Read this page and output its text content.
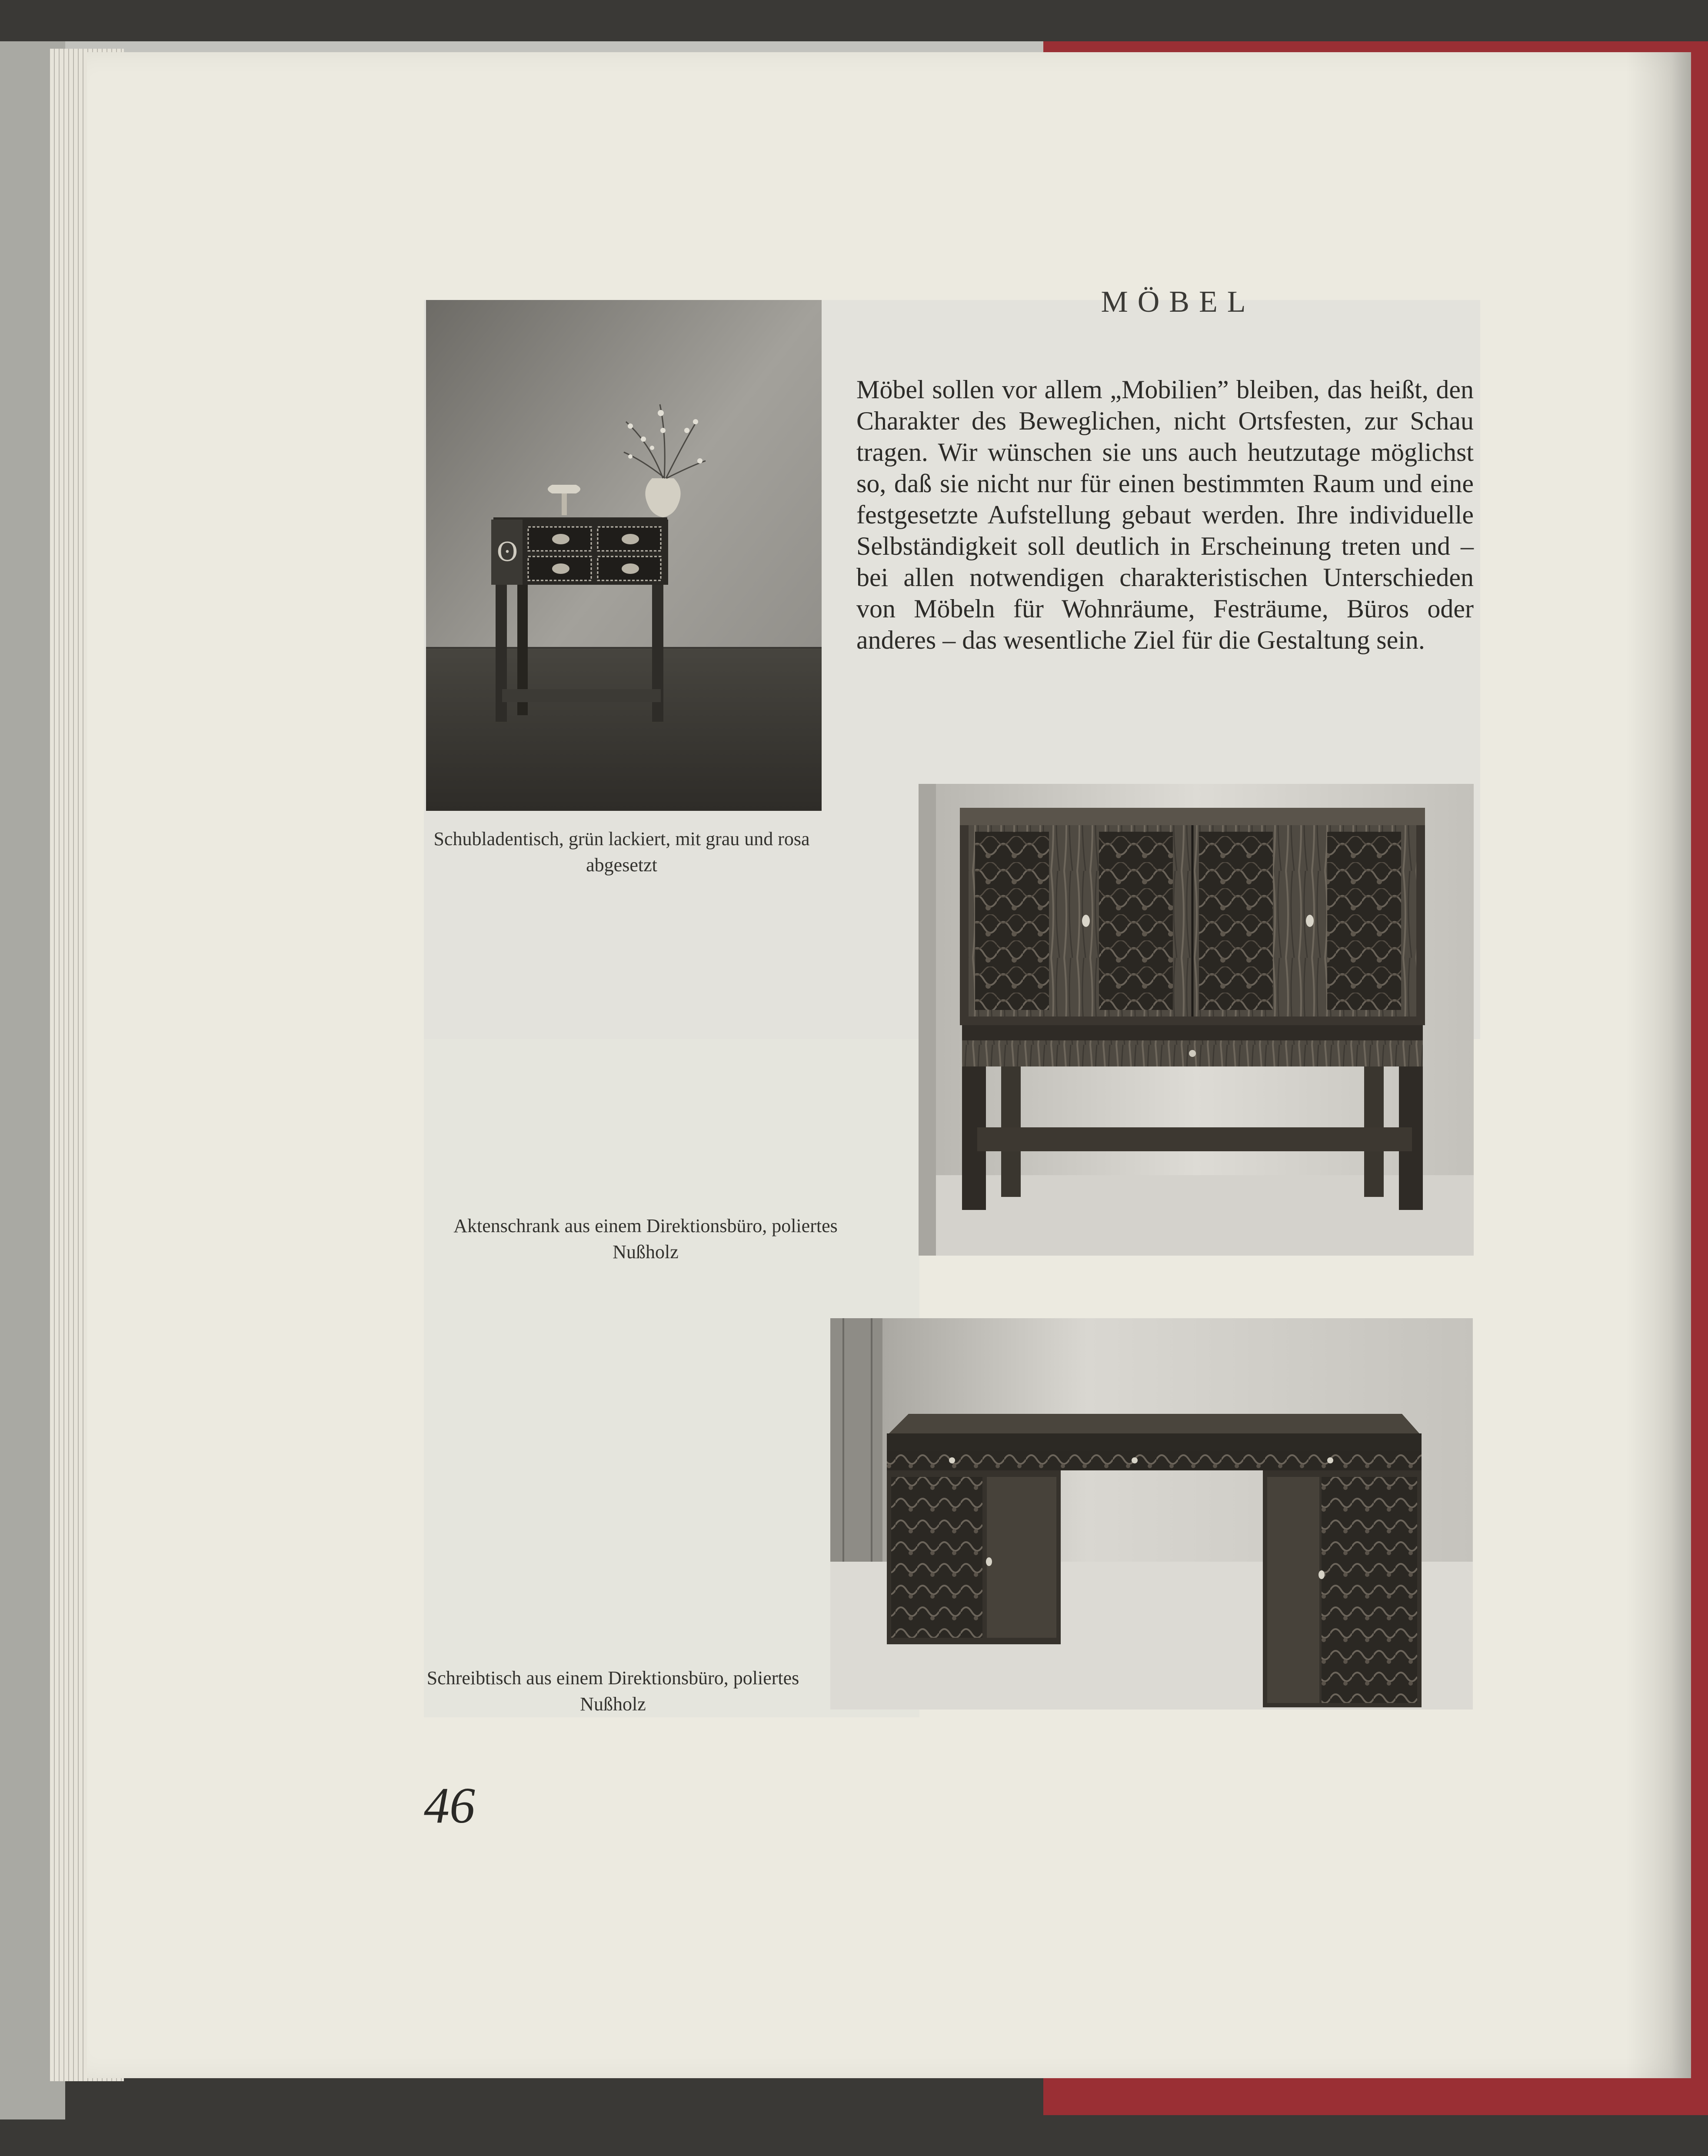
ʘ
MÖBEL
Möbel sollen vor allem „Mobilien” bleiben, das heißt, den Charakter des Beweglichen, nicht Ortsfesten, zur Schau tragen. Wir wünschen sie uns auch heutzutage möglichst so, daß sie nicht nur für einen bestimmten Raum und eine festgesetzte Aufstellung gebaut werden. Ihre individuelle Selbständigkeit soll deutlich in Erscheinung treten und – bei allen notwendigen charakteristischen Unterschieden von Möbeln für Wohnräume, Festräume, Büros oder anderes – das wesentliche Ziel für die Gestaltung sein.
Schubladentisch, grün lackiert, mit grau und rosa abgesetzt
Aktenschrank aus einem Direktionsbüro, poliertes Nußholz
Schreibtisch aus einem Direktionsbüro, poliertes Nußholz
46
